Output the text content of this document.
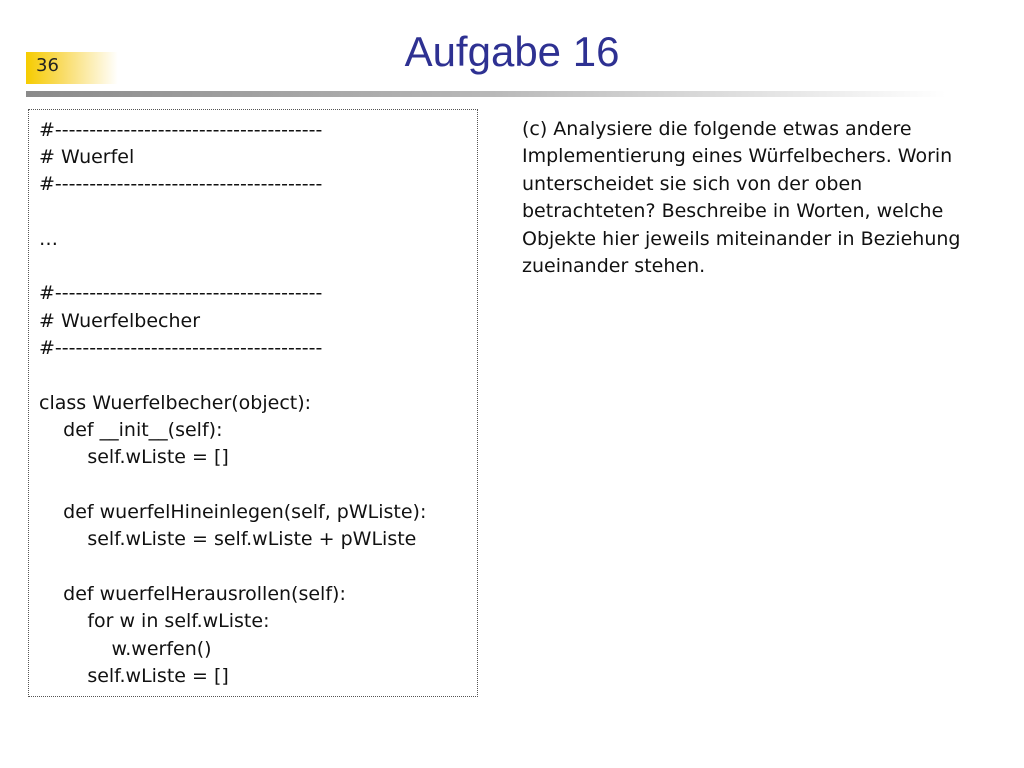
36	Aufgabe 16
#---------------------------------------
# Wuerfel
#---------------------------------------
…
#---------------------------------------
# Wuerfelbecher
#---------------------------------------
class Wuerfelbecher(object):
def __init__(self):
self.wListe = []
def wuerfelHineinlegen(self, pWListe):
self.wListe = self.wListe + pWListe
def wuerfelHerausrollen(self):
for w in self.wListe:
w.werfen()
self.wListe = []
(c) Analysiere die folgende etwas andere
Implementierung eines Würfelbechers. Worin
unterscheidet sie sich von der oben
betrachteten? Beschreibe in Worten, welche
Objekte hier jeweils miteinander in Beziehung
zueinander stehen.
